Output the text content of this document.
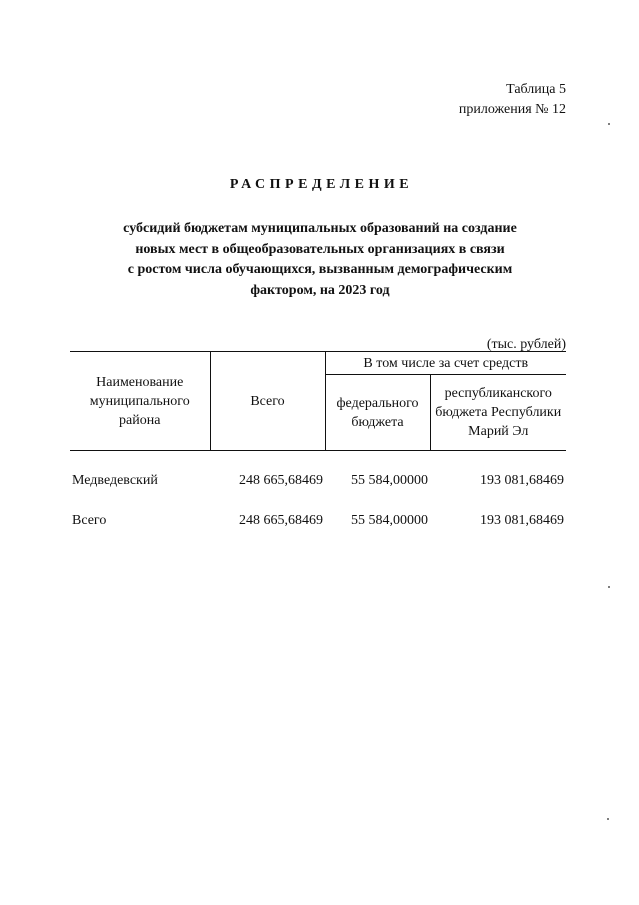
Таблица 5
приложения № 12
РАСПРЕДЕЛЕНИЕ
субсидий бюджетам муниципальных образований на создание
новых мест в общеобразовательных организациях в связи
с ростом числа обучающихся, вызванным демографическим
фактором, на 2023 год
(тыс. рублей)
Наименование муниципального района	Всего	В том числе за счет средств	
		федерального бюджета	республиканского бюджета Республики Марий Эл

Медведевский	248 665,68469	55 584,00000	193 081,68469
Всего	248 665,68469	55 584,00000	193 081,68469
